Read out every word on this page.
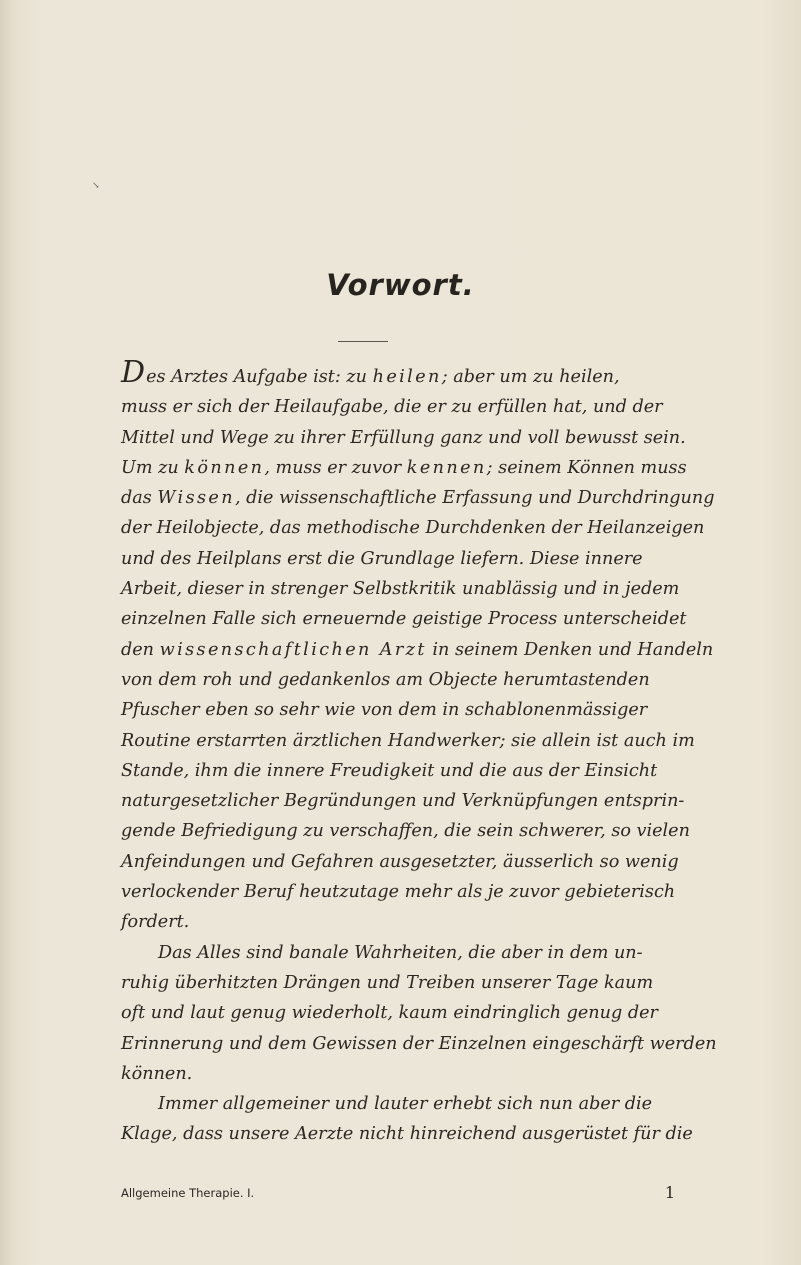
↘
Vorwort.
Des Arztes Aufgabe ist: zu heilen; aber um zu heilen,
muss er sich der Heilaufgabe, die er zu erfüllen hat, und der
Mittel und Wege zu ihrer Erfüllung ganz und voll bewusst sein.
Um zu können, muss er zuvor kennen; seinem Können muss
das Wissen, die wissenschaftliche Erfassung und Durchdringung
der Heilobjecte, das methodische Durchdenken der Heilanzeigen
und des Heilplans erst die Grundlage liefern. Diese innere
Arbeit, dieser in strenger Selbstkritik unablässig und in jedem
einzelnen Falle sich erneuernde geistige Process unterscheidet
den wissenschaftlichen Arzt in seinem Denken und Handeln
von dem roh und gedankenlos am Objecte herumtastenden
Pfuscher eben so sehr wie von dem in schablonenmässiger
Routine erstarrten ärztlichen Handwerker; sie allein ist auch im
Stande, ihm die innere Freudigkeit und die aus der Einsicht
naturgesetzlicher Begründungen und Verknüpfungen entsprin-
gende Befriedigung zu verschaffen, die sein schwerer, so vielen
Anfeindungen und Gefahren ausgesetzter, äusserlich so wenig
verlockender Beruf heutzutage mehr als je zuvor gebieterisch
fordert.
Das Alles sind banale Wahrheiten, die aber in dem un-
ruhig überhitzten Drängen und Treiben unserer Tage kaum
oft und laut genug wiederholt, kaum eindringlich genug der
Erinnerung und dem Gewissen der Einzelnen eingeschärft werden
können.
Immer allgemeiner und lauter erhebt sich nun aber die
Klage, dass unsere Aerzte nicht hinreichend ausgerüstet für die
Allgemeine Therapie. I.	1
